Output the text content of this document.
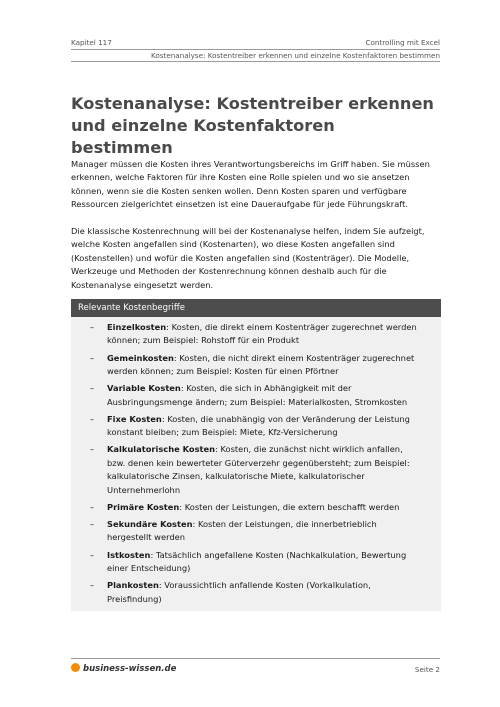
Kapitel 117	Controlling mit Excel
Kostenanalyse: Kostentreiber erkennen und einzelne Kostenfaktoren bestimmen
Kostenanalyse: Kostentreiber erkennen und einzelne Kostenfaktoren bestimmen

Manager müssen die Kosten ihres Verantwortungsbereichs im Griff haben. Sie müssen erkennen, welche Faktoren für ihre Kosten eine Rolle spielen und wo sie ansetzen können, wenn sie die Kosten senken wollen. Denn Kosten sparen und verfügbare Ressourcen zielgerichtet einsetzen ist eine Daueraufgabe für jede Führungskraft.

Die klassische Kostenrechnung will bei der Kostenanalyse helfen, indem Sie aufzeigt, welche Kosten angefallen sind (Kostenarten), wo diese Kosten angefallen sind (Kostenstellen) und wofür die Kosten angefallen sind (Kostenträger). Die Modelle, Werkzeuge und Methoden der Kostenrechnung können deshalb auch für die Kostenanalyse eingesetzt werden.

Relevante Kostenbegriffe
– Einzelkosten: Kosten, die direkt einem Kostenträger zugerechnet werden können; zum Beispiel: Rohstoff für ein Produkt
– Gemeinkosten: Kosten, die nicht direkt einem Kostenträger zugerechnet werden können; zum Beispiel: Kosten für einen Pförtner
– Variable Kosten: Kosten, die sich in Abhängigkeit mit der Ausbringungsmenge ändern; zum Beispiel: Materialkosten, Stromkosten
– Fixe Kosten: Kosten, die unabhängig von der Veränderung der Leistung konstant bleiben; zum Beispiel: Miete, Kfz-Versicherung
– Kalkulatorische Kosten: Kosten, die zunächst nicht wirklich anfallen, bzw. denen kein bewerteter Güterverzehr gegenübersteht; zum Beispiel: kalkulatorische Zinsen, kalkulatorische Miete, kalkulatorischer Unternehmerlohn
– Primäre Kosten: Kosten der Leistungen, die extern beschafft werden
– Sekundäre Kosten: Kosten der Leistungen, die innerbetrieblich hergestellt werden
– Istkosten: Tatsächlich angefallene Kosten (Nachkalkulation, Bewertung einer Entscheidung)
– Plankosten: Voraussichtlich anfallende Kosten (Vorkalkulation, Preisfindung)
business-wissen.de	Seite 2
